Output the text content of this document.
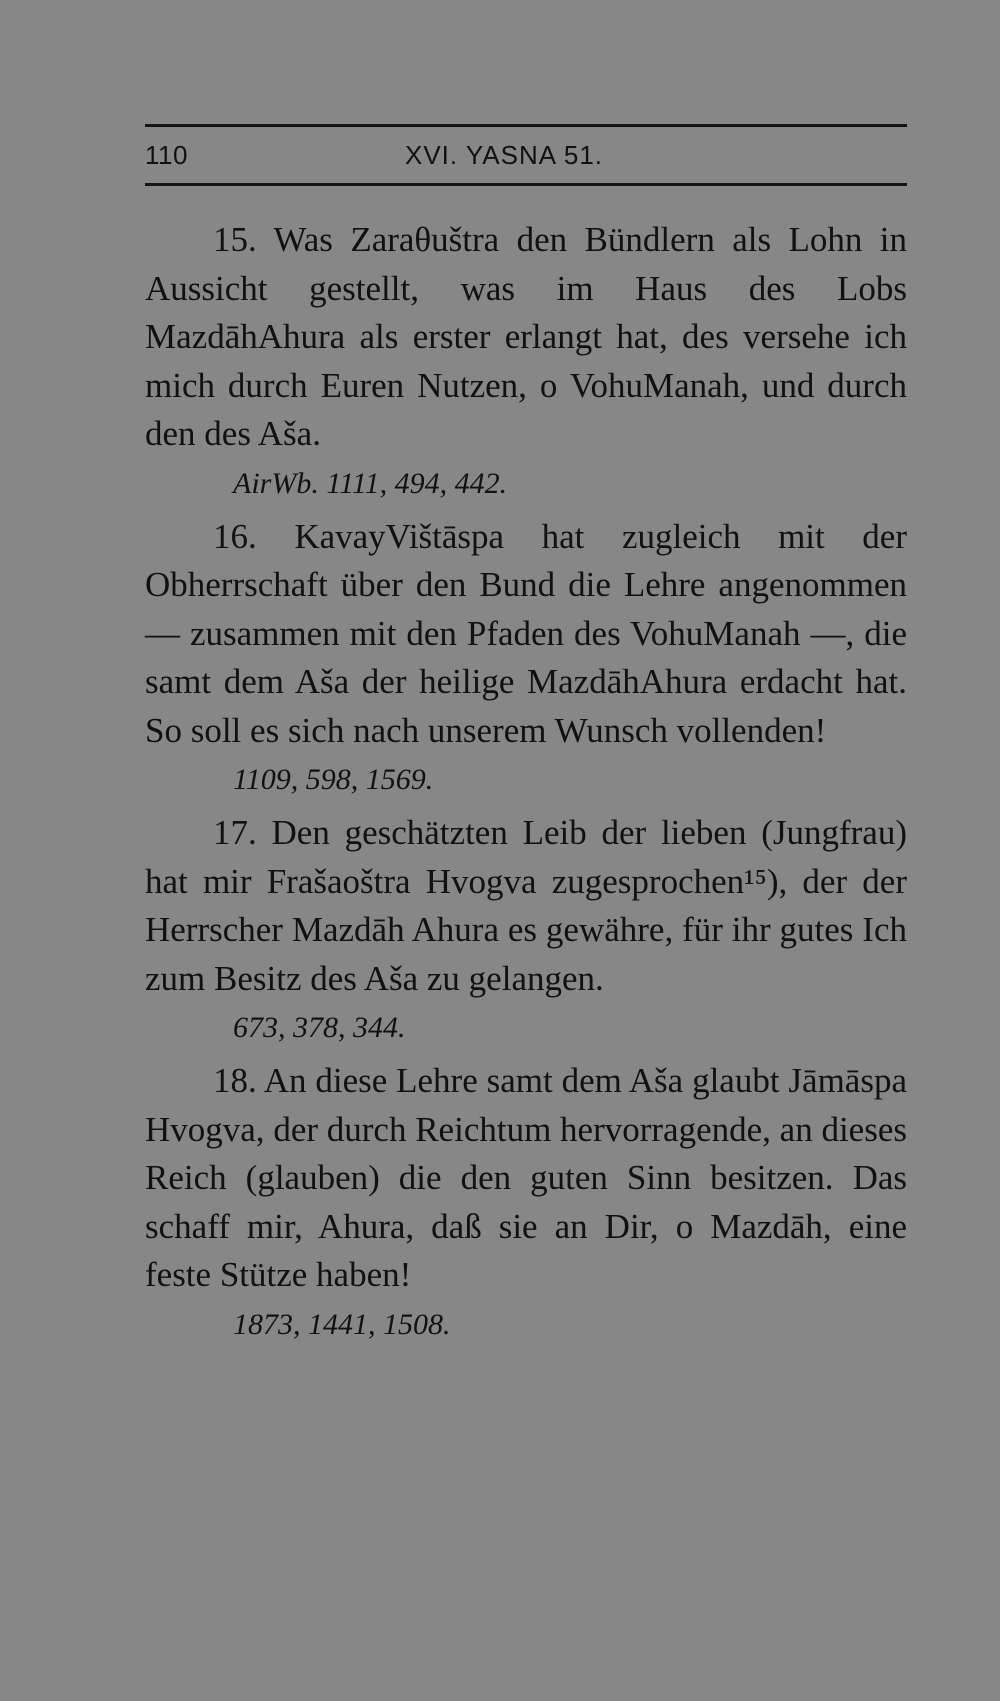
110	XVI. YASNA 51.

15. Was Zaraθuštra den Bündlern als Lohn in Aussicht gestellt, was im Haus des Lobs MazdāhAhura als erster erlangt hat, des versehe ich mich durch Euren Nutzen, o VohuManah, und durch den des Aša.

AirWb. 1111, 494, 442.

16. KavayVištāspa hat zugleich mit der Obherrschaft über den Bund die Lehre angenommen — zusammen mit den Pfaden des VohuManah —, die samt dem Aša der heilige MazdāhAhura erdacht hat. So soll es sich nach unserem Wunsch vollenden!

1109, 598, 1569.

17. Den geschätzten Leib der lieben (Jungfrau) hat mir Frašaoštra Hvogva zugesprochen¹⁵), der der Herrscher Mazdāh Ahura es gewähre, für ihr gutes Ich zum Besitz des Aša zu gelangen.

673, 378, 344.

18. An diese Lehre samt dem Aša glaubt Jāmāspa Hvogva, der durch Reichtum hervorragende, an dieses Reich (glauben) die den guten Sinn besitzen. Das schaff mir, Ahura, daß sie an Dir, o Mazdāh, eine feste Stütze haben!

1873, 1441, 1508.
